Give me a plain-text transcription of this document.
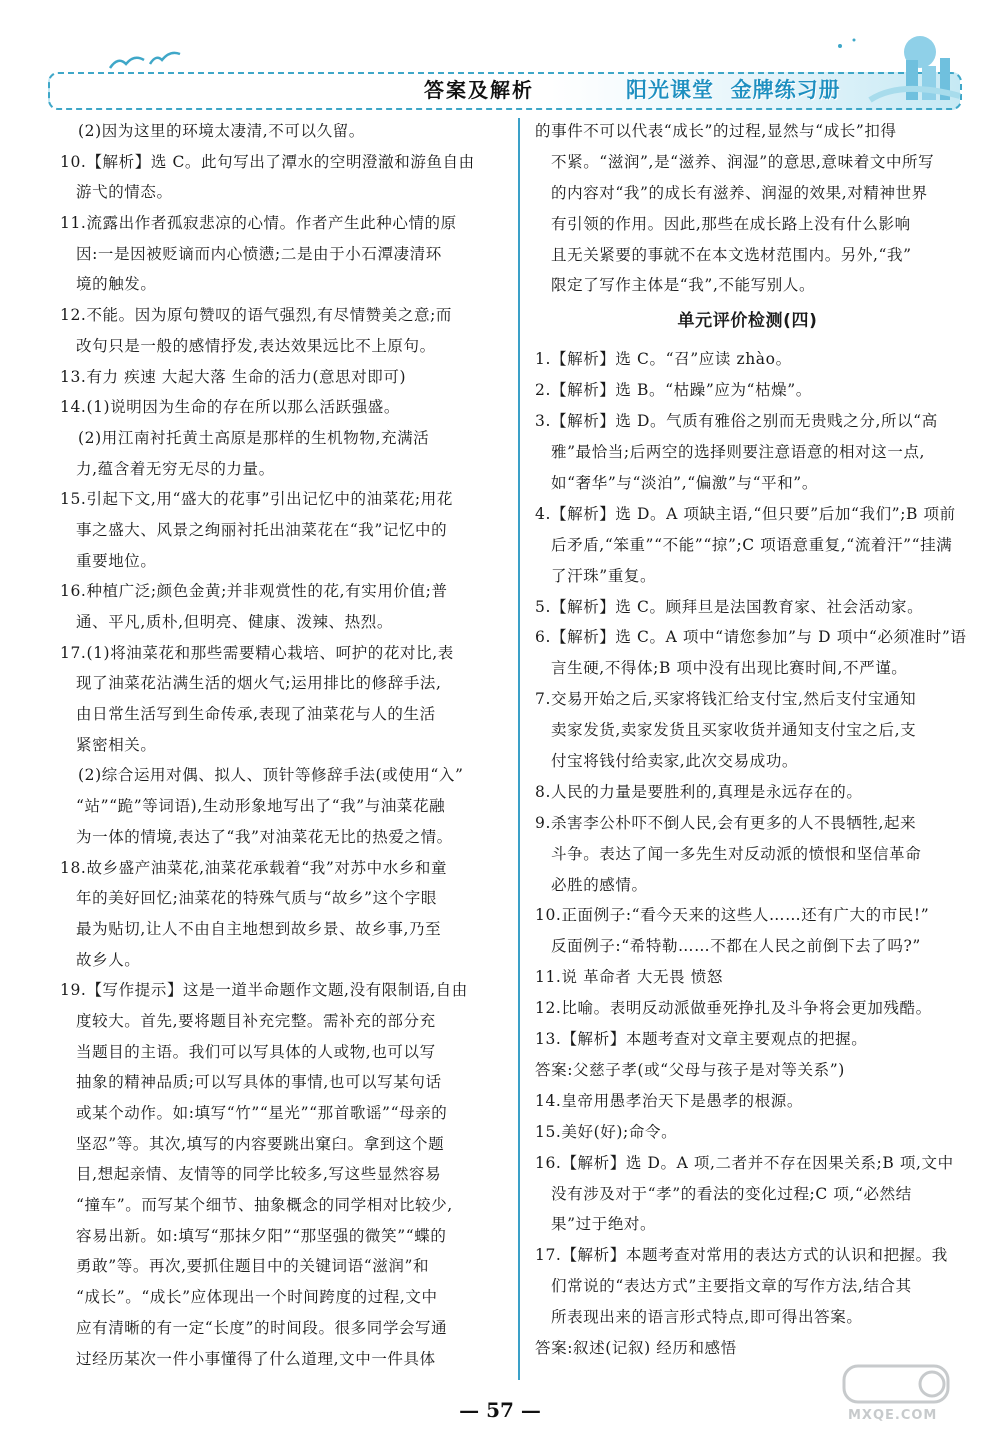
答案及解析	阳光课堂  金牌练习册
(2)因为这里的环境太凄清,不可以久留。
10.【解析】选 C。此句写出了潭水的空明澄澈和游鱼自由
游弋的情态。
11.流露出作者孤寂悲凉的心情。作者产生此种心情的原
因:一是因被贬谪而内心愤懑;二是由于小石潭凄清环
境的触发。
12.不能。因为原句赞叹的语气强烈,有尽情赞美之意;而
改句只是一般的感情抒发,表达效果远比不上原句。
13.有力 疾速 大起大落 生命的活力(意思对即可)
14.(1)说明因为生命的存在所以那么活跃强盛。
(2)用江南衬托黄土高原是那样的生机物物,充满活
力,蕴含着无穷无尽的力量。
15.引起下文,用“盛大的花事”引出记忆中的油菜花;用花
事之盛大、风景之绚丽衬托出油菜花在“我”记忆中的
重要地位。
16.种植广泛;颜色金黄;并非观赏性的花,有实用价值;普
通、平凡,质朴,但明亮、健康、泼辣、热烈。
17.(1)将油菜花和那些需要精心栽培、呵护的花对比,表
现了油菜花沾满生活的烟火气;运用排比的修辞手法,
由日常生活写到生命传承,表现了油菜花与人的生活
紧密相关。
(2)综合运用对偶、拟人、顶针等修辞手法(或使用“入”
“站”“跪”等词语),生动形象地写出了“我”与油菜花融
为一体的情境,表达了“我”对油菜花无比的热爱之情。
18.故乡盛产油菜花,油菜花承载着“我”对苏中水乡和童
年的美好回忆;油菜花的特殊气质与“故乡”这个字眼
最为贴切,让人不由自主地想到故乡景、故乡事,乃至
故乡人。
19.【写作提示】这是一道半命题作文题,没有限制语,自由
度较大。首先,要将题目补充完整。需补充的部分充
当题目的主语。我们可以写具体的人或物,也可以写
抽象的精神品质;可以写具体的事情,也可以写某句话
或某个动作。如:填写“竹”“星光”“那首歌谣”“母亲的
坚忍”等。其次,填写的内容要跳出窠臼。拿到这个题
目,想起亲情、友情等的同学比较多,写这些显然容易
“撞车”。而写某个细节、抽象概念的同学相对比较少,
容易出新。如:填写“那抹夕阳”“那坚强的微笑”“蝶的
勇敢”等。再次,要抓住题目中的关键词语“滋润”和
“成长”。“成长”应体现出一个时间跨度的过程,文中
应有清晰的有一定“长度”的时间段。很多同学会写通
过经历某次一件小事懂得了什么道理,文中一件具体
的事件不可以代表“成长”的过程,显然与“成长”扣得
不紧。“滋润”,是“滋养、润湿”的意思,意味着文中所写
的内容对“我”的成长有滋养、润湿的效果,对精神世界
有引领的作用。因此,那些在成长路上没有什么影响
且无关紧要的事就不在本文选材范围内。另外,“我”
限定了写作主体是“我”,不能写别人。
单元评价检测(四)
1.【解析】选 C。“召”应读 zhào。
2.【解析】选 B。“枯躁”应为“枯燥”。
3.【解析】选 D。气质有雅俗之别而无贵贱之分,所以“高
雅”最恰当;后两空的选择则要注意语意的相对这一点,
如“奢华”与“淡泊”,“偏激”与“平和”。
4.【解析】选 D。A 项缺主语,“但只要”后加“我们”;B 项前
后矛盾,“笨重”“不能”“掠”;C 项语意重复,“流着汗”“挂满
了汗珠”重复。
5.【解析】选 C。顾拜旦是法国教育家、社会活动家。
6.【解析】选 C。A 项中“请您参加”与 D 项中“必须准时”语
言生硬,不得体;B 项中没有出现比赛时间,不严谨。
7.交易开始之后,买家将钱汇给支付宝,然后支付宝通知
卖家发货,卖家发货且买家收货并通知支付宝之后,支
付宝将钱付给卖家,此次交易成功。
8.人民的力量是要胜利的,真理是永远存在的。
9.杀害李公朴吓不倒人民,会有更多的人不畏牺牲,起来
斗争。表达了闻一多先生对反动派的愤恨和坚信革命
必胜的感情。
10.正面例子:“看今天来的这些人……还有广大的市民!”
反面例子:“希特勒……不都在人民之前倒下去了吗?”
11.说 革命者 大无畏 愤怒
12.比喻。表明反动派做垂死挣扎及斗争将会更加残酷。
13.【解析】本题考查对文章主要观点的把握。
答案:父慈子孝(或“父母与孩子是对等关系”)
14.皇帝用愚孝治天下是愚孝的根源。
15.美好(好);命令。
16.【解析】选 D。A 项,二者并不存在因果关系;B 项,文中
没有涉及对于“孝”的看法的变化过程;C 项,“必然结
果”过于绝对。
17.【解析】本题考查对常用的表达方式的认识和把握。我
们常说的“表达方式”主要指文章的写作方法,结合其
所表现出来的语言形式特点,即可得出答案。
答案:叙述(记叙) 经历和感悟
— 57 —	MXQE.COM
